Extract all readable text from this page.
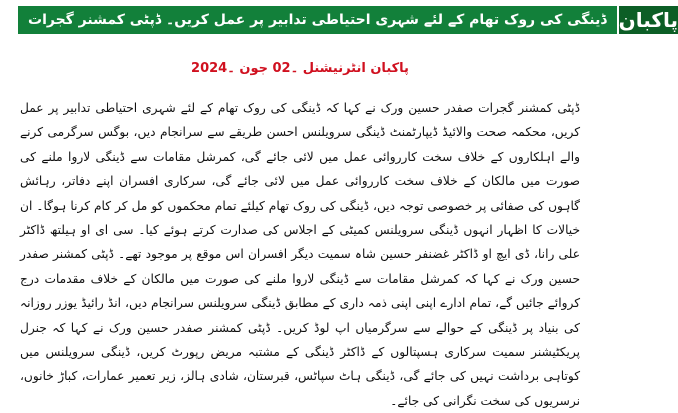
ڈینگی کی روک تھام کے لئے شہری احتیاطی تدابیر پر عمل کریں۔ ڈپٹی کمشنر گجرات پاکبان
پاکبان انٹرنیشنل ۔02 جون ۔2024
ڈپٹی کمشنر گجرات صفدر حسین ورک نے کہا کہ ڈینگی کی روک تھام کے لئے شہری احتیاطی تدابیر پر عمل کریں، محکمہ صحت والائیڈ ڈیپارٹمنٹ ڈینگی سرویلنس احسن طریقے سے سرانجام دیں، بوگس سرگرمی کرنے والے اہلکاروں کے خلاف سخت کارروائی عمل میں لائی جائے گی، کمرشل مقامات سے ڈینگی لاروا ملنے کی صورت میں مالکان کے خلاف سخت کارروائی عمل میں لائی جائے گی، سرکاری افسران اپنے دفاتر، رہائش گاہوں کی صفائی پر خصوصی توجہ دیں، ڈینگی کی روک تھام کیلئے تمام محکموں کو مل کر کام کرنا ہوگا۔ ان خیالات کا اظہار انہوں ڈینگی سرویلنس کمیٹی کے اجلاس کی صدارت کرتے ہوئے کیا۔ سی ای او ہیلتھ ڈاکٹر علی رانا، ڈی ایچ او ڈاکٹر غضنفر حسین شاہ سمیت دیگر افسران اس موقع پر موجود تھے۔ ڈپٹی کمشنر صفدر حسین ورک نے کہا کہ کمرشل مقامات سے ڈینگی لاروا ملنے کی صورت میں مالکان کے خلاف مقدمات درج کروائے جائیں گے، تمام ادارے اپنی اپنی ذمہ داری کے مطابق ڈینگی سرویلنس سرانجام دیں، انڈ رائیڈ یوزر روزانہ کی بنیاد پر ڈینگی کے حوالے سے سرگرمیاں اپ لوڈ کریں۔ ڈپٹی کمشنر صفدر حسین ورک نے کہا کہ جنرل پریکٹیشنر سمیت سرکاری ہسپتالوں کے ڈاکٹر ڈینگی کے مشتبہ مریض رپورٹ کریں، ڈینگی سرویلنس میں کوتاہی برداشت نہیں کی جائے گی، ڈینگی ہاٹ سپاٹس، قبرستان، شادی ہالز، زیر تعمیر عمارات، کباڑ خانوں، نرسریوں کی سخت نگرانی کی جائے۔
